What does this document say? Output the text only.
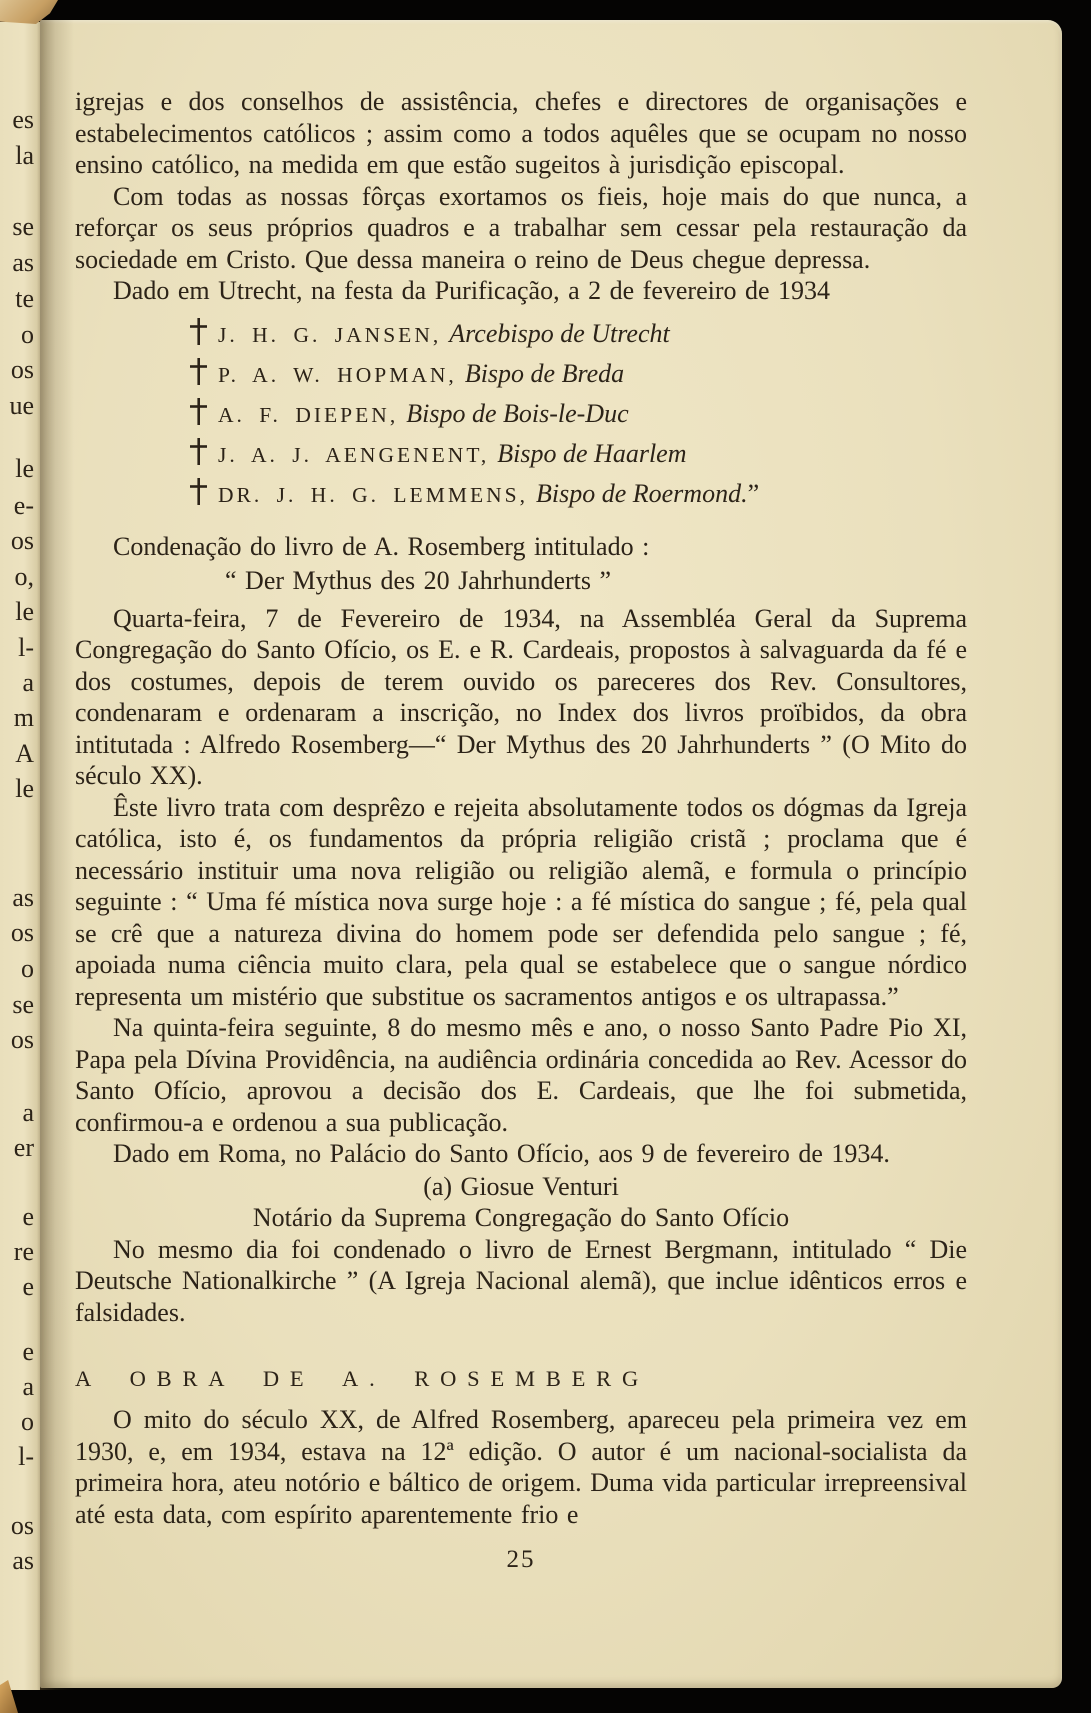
es
la
se
as
te
o
os
ue
le
e-
os
o,
le
l-
a
m
A
le
as
os
o
se
os
a
er
e
re
e
e
a
o
l-
os
as

igrejas e dos conselhos de assistência, chefes e directores de organisações e estabelecimentos católicos ; assim como a todos aquêles que se ocupam no nosso ensino católico, na medida em que estão sugeitos à jurisdição episcopal.

Com todas as nossas fôrças exortamos os fieis, hoje mais do que nunca, a reforçar os seus próprios quadros e a trabalhar sem cessar pela restauração da sociedade em Cristo. Que dessa maneira o reino de Deus chegue depressa.

Dado em Utrecht, na festa da Purificação, a 2 de fevereiro de 1934

J. H. G. JANSEN, Arcebispo de Utrecht
P. A. W. HOPMAN, Bispo de Breda
A. F. DIEPEN, Bispo de Bois-le-Duc
J. A. J. AENGENENT, Bispo de Haarlem
DR. J. H. G. LEMMENS, Bispo de Roermond.”

Condenação do livro de A. Rosemberg intitulado :

“ Der Mythus des 20 Jahrhunderts ”

Quarta-feira, 7 de Fevereiro de 1934, na Assembléa Geral da Suprema Congregação do Santo Ofício, os E. e R. Cardeais, propostos à salvaguarda da fé e dos costumes, depois de terem ouvido os pareceres dos Rev. Consultores, condenaram e ordenaram a inscrição, no Index dos livros proïbidos, da obra intitutada : Alfredo Rosemberg—“ Der Mythus des 20 Jahrhunderts ” (O Mito do século XX).

Êste livro trata com desprêzo e rejeita absolutamente todos os dógmas da Igreja católica, isto é, os fundamentos da própria religião cristã ; proclama que é necessário instituir uma nova religião ou religião alemã, e formula o princípio seguinte : “ Uma fé mística nova surge hoje : a fé mística do sangue ; fé, pela qual se crê que a natureza divina do homem pode ser defendida pelo sangue ; fé, apoiada numa ciência muito clara, pela qual se estabelece que o sangue nórdico representa um mistério que substitue os sacramentos antigos e os ultrapassa.”

Na quinta-feira seguinte, 8 do mesmo mês e ano, o nosso Santo Padre Pio XI, Papa pela Dívina Providência, na audiência ordinária concedida ao Rev. Acessor do Santo Ofício, aprovou a decisão dos E. Cardeais, que lhe foi submetida, confirmou-a e ordenou a sua publicação.

Dado em Roma, no Palácio do Santo Ofício, aos 9 de fevereiro de 1934.

(a) Giosue Venturi

Notário da Suprema Congregação do Santo Ofício

No mesmo dia foi condenado o livro de Ernest Bergmann, intitulado “ Die Deutsche Nationalkirche ” (A Igreja Nacional alemã), que inclue idênticos erros e falsidades.

A OBRA DE A. ROSEMBERG

O mito do século XX, de Alfred Rosemberg, apareceu pela primeira vez em 1930, e, em 1934, estava na 12ª edição. O autor é um nacional-socialista da primeira hora, ateu notório e báltico de origem. Duma vida particular irrepreensival até esta data, com espírito aparentemente frio e

25
